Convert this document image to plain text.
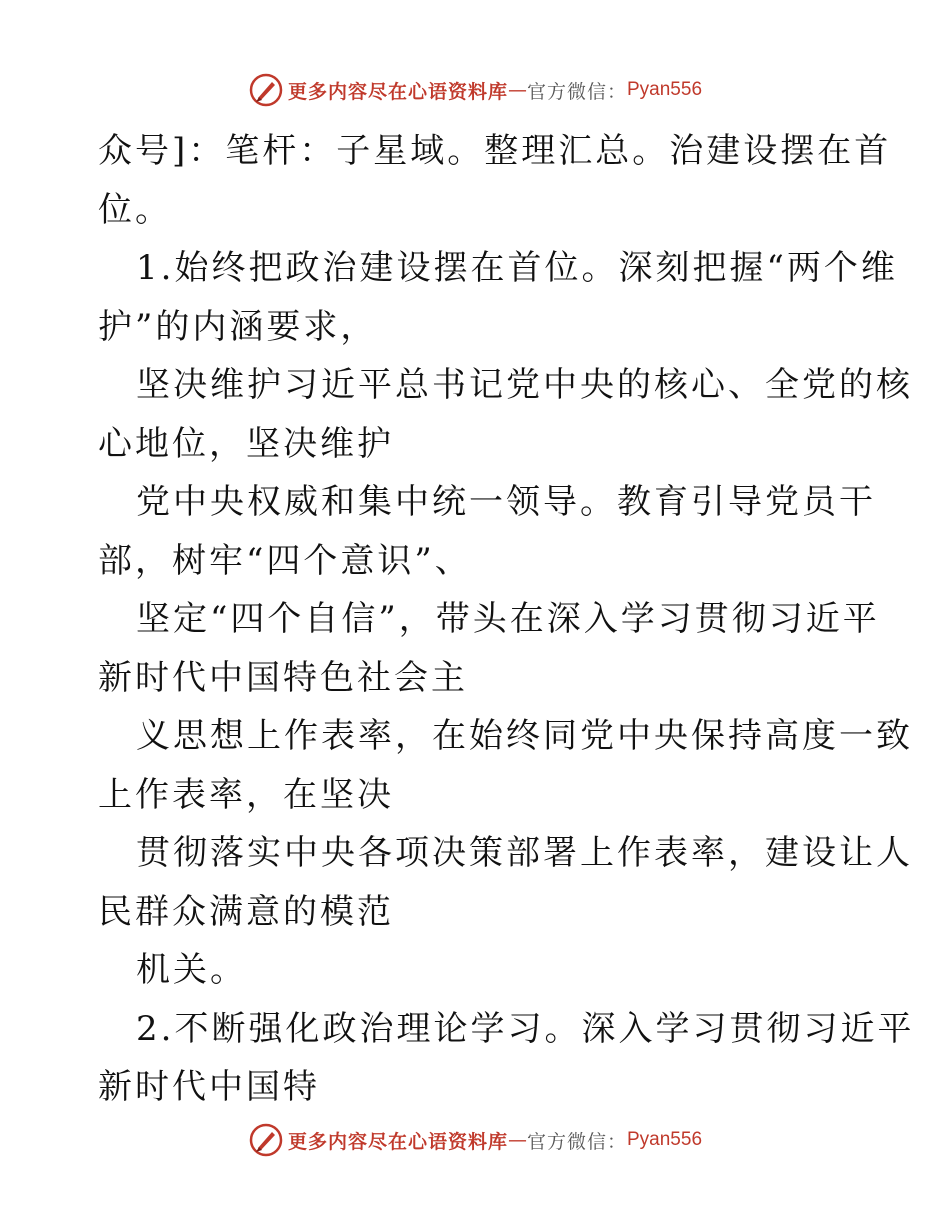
更多内容尽在心语资料库 — 官方微信： Pyan556
众号]：笔杆：子星域。整理汇总。治建设摆在首
位。
1.始终把政治建设摆在首位。深刻把握“两个维
护”的内涵要求，
坚决维护习近平总书记党中央的核心、全党的核
心地位，坚决维护
党中央权威和集中统一领导。教育引导党员干
部，树牢“四个意识”、
坚定“四个自信”，带头在深入学习贯彻习近平
新时代中国特色社会主
义思想上作表率，在始终同党中央保持高度一致
上作表率，在坚决
贯彻落实中央各项决策部署上作表率，建设让人
民群众满意的模范
机关。
2.不断强化政治理论学习。深入学习贯彻习近平
新时代中国特
更多内容尽在心语资料库 — 官方微信： Pyan556
